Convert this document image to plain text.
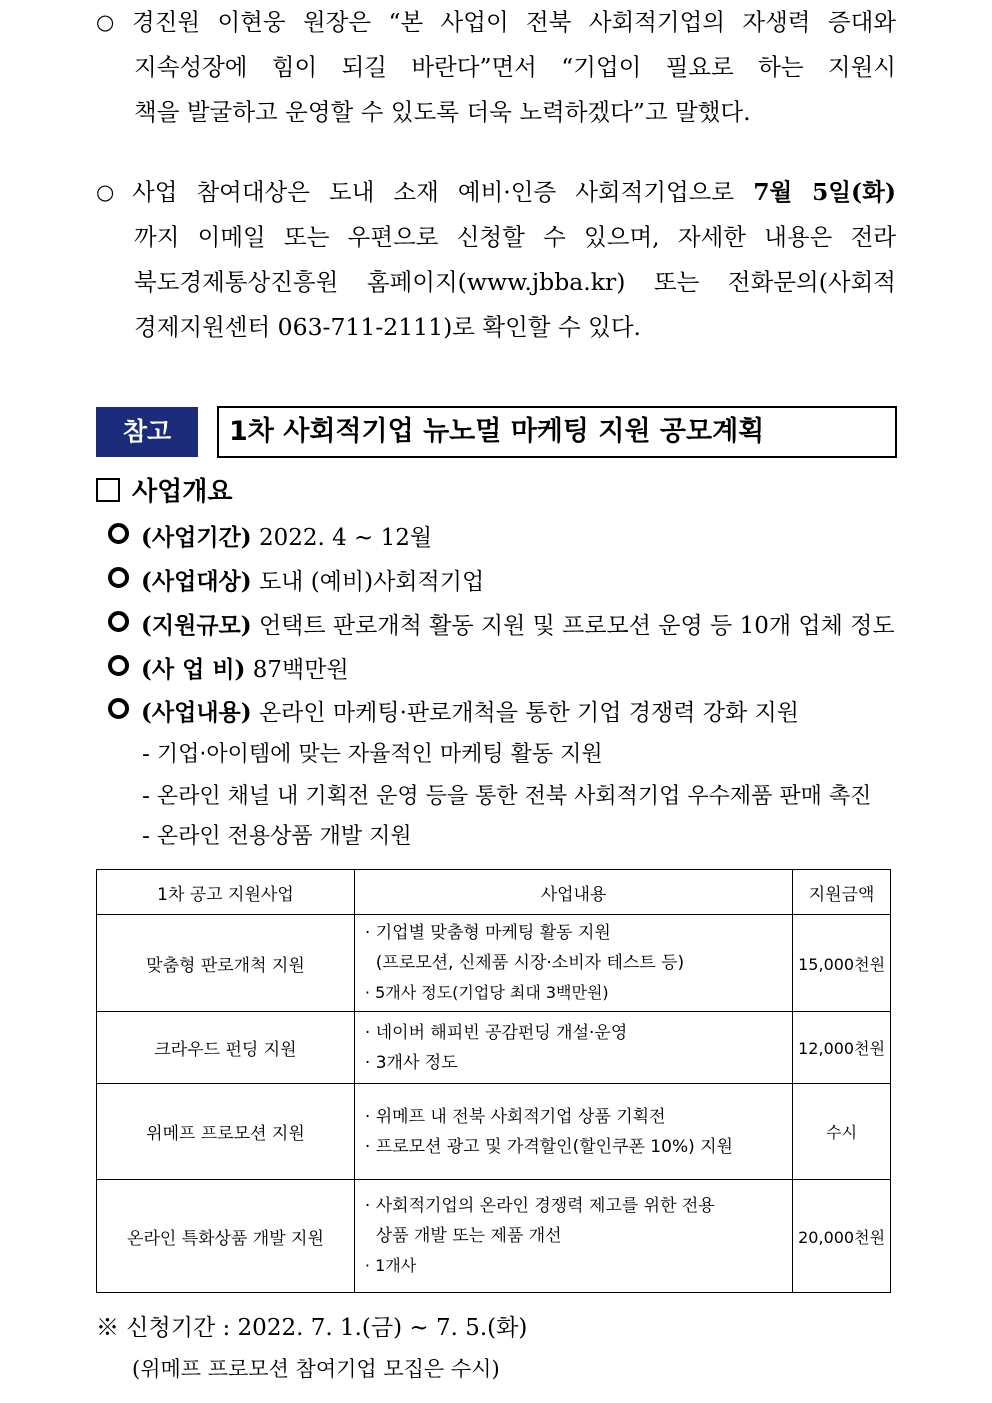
○ 경진원 이현웅 원장은 “본 사업이 전북 사회적기업의 자생력 증대와
지속성장에 힘이 되길 바란다”면서 “기업이 필요로 하는 지원시
책을 발굴하고 운영할 수 있도록 더욱 노력하겠다”고 말했다.
○ 사업 참여대상은 도내 소재 예비·인증 사회적기업으로 7월 5일(화)
까지 이메일 또는 우편으로 신청할 수 있으며, 자세한 내용은 전라
북도경제통상진흥원 홈페이지(www.jbba.kr) 또는 전화문의(사회적
경제지원센터 063-711-2111)로 확인할 수 있다.
참고	1차 사회적기업 뉴노멀 마케팅 지원 공모계획
사업개요
(사업기간) 2022. 4 ~ 12월
(사업대상) 도내 (예비)사회적기업
(지원규모) 언택트 판로개척 활동 지원 및 프로모션 운영 등 10개 업체 정도
(사 업 비) 87백만원
(사업내용) 온라인 마케팅·판로개척을 통한 기업 경쟁력 강화 지원
- 기업·아이템에 맞는 자율적인 마케팅 활동 지원
- 온라인 채널 내 기획전 운영 등을 통한 전북 사회적기업 우수제품 판매 촉진
- 온라인 전용상품 개발 지원
1차 공고 지원사업	사업내용	지원금액
맞춤형 판로개척 지원	· 기업별 맞춤형 마케팅 활동 지원
(프로모션, 신제품 시장·소비자 테스트 등)
· 5개사 정도(기업당 최대 3백만원)	15,000천원
크라우드 펀딩 지원	· 네이버 해피빈 공감펀딩 개설·운영
· 3개사 정도	12,000천원
위메프 프로모션 지원	· 위메프 내 전북 사회적기업 상품 기획전
· 프로모션 광고 및 가격할인(할인쿠폰 10%) 지원	수시
온라인 특화상품 개발 지원	· 사회적기업의 온라인 경쟁력 제고를 위한 전용
상품 개발 또는 제품 개선
· 1개사	20,000천원
※ 신청기간 : 2022. 7. 1.(금) ~ 7. 5.(화)
(위메프 프로모션 참여기업 모집은 수시)
